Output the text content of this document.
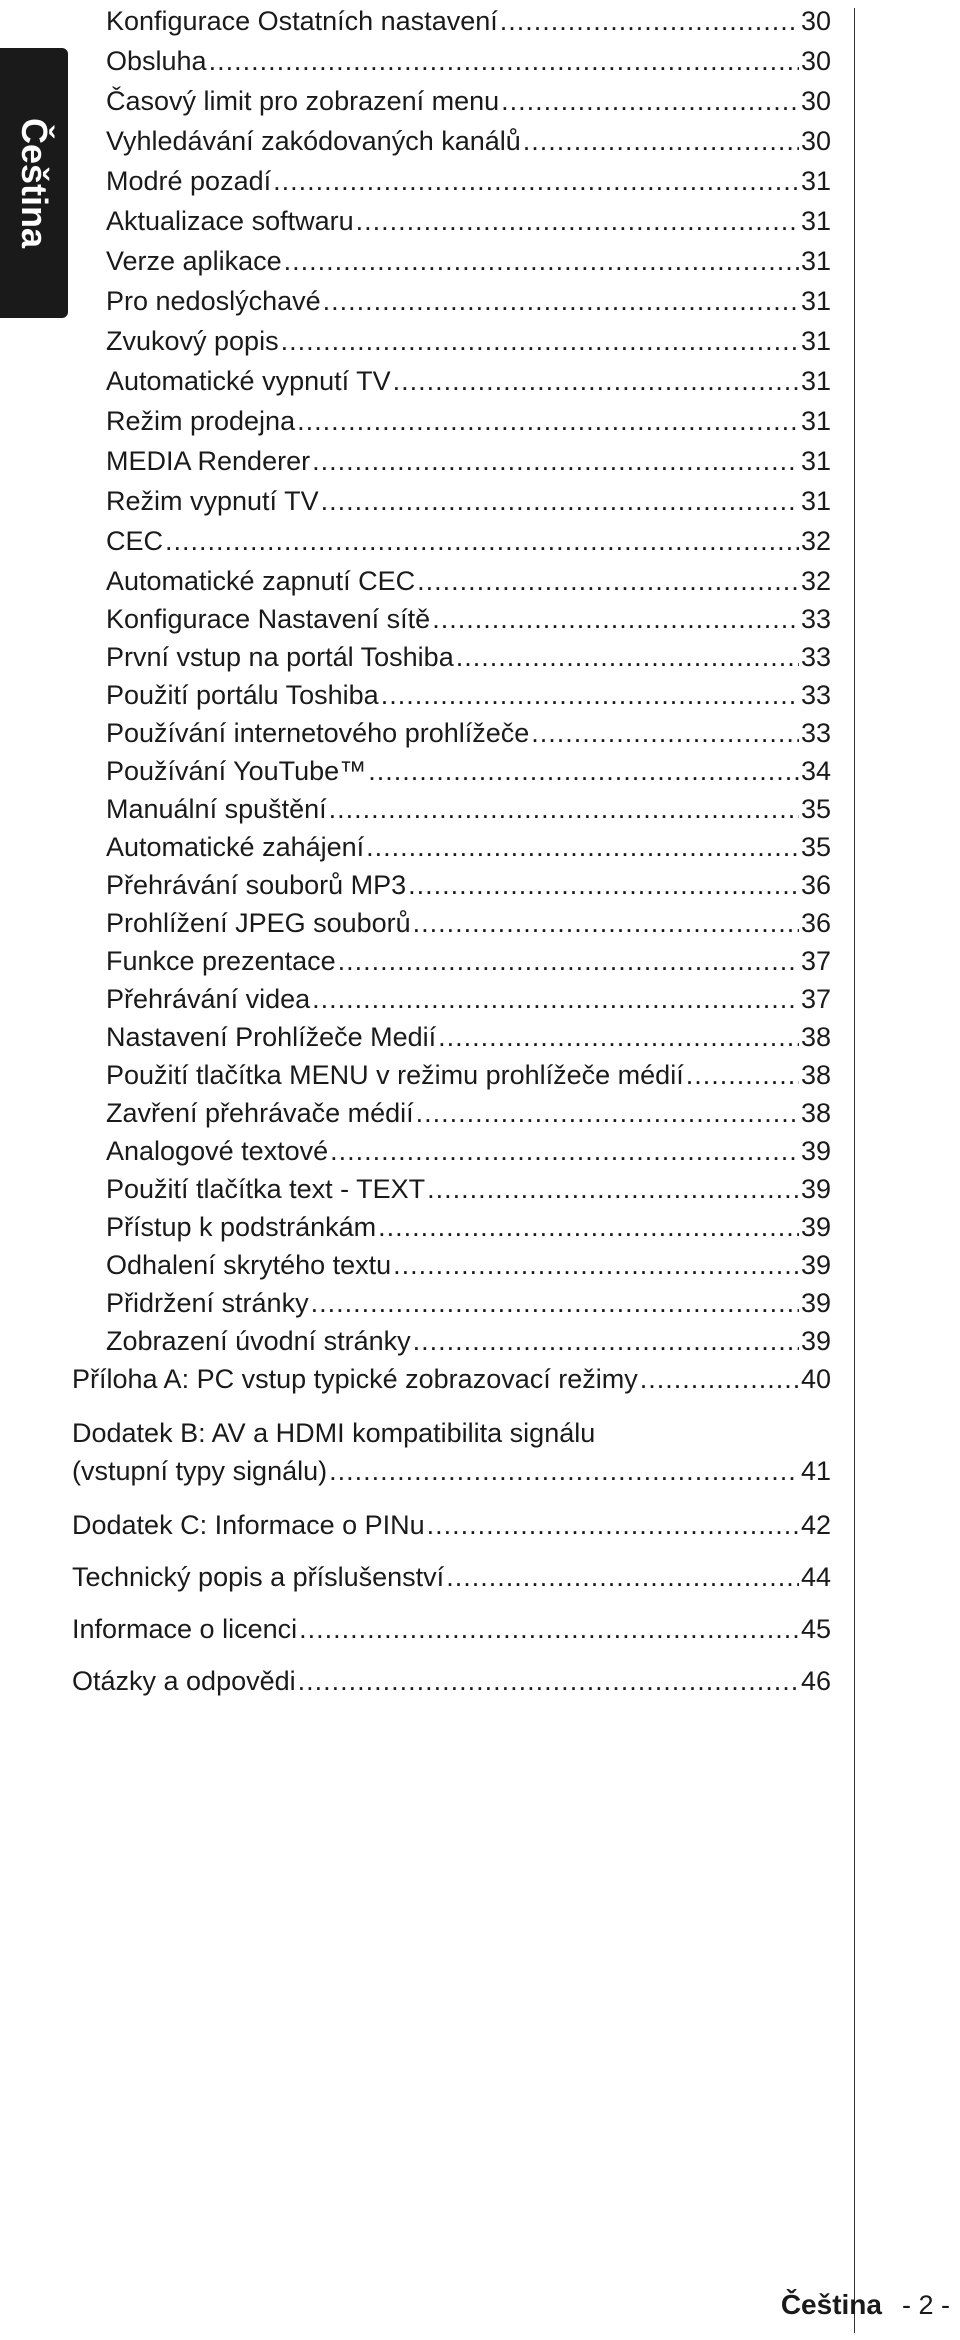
Čeština
Konfigurace Ostatních nastavení .....	30
Obsluha .....	30
Časový limit pro zobrazení menu .....	30
Vyhledávání zakódovaných kanálů .....	30
Modré pozadí .....	31
Aktualizace softwaru .....	31
Verze aplikace .....	31
Pro nedoslýchavé .....	31
Zvukový popis .....	31
Automatické vypnutí TV .....	31
Režim prodejna .....	31
MEDIA Renderer .....	31
Režim vypnutí TV .....	31
CEC .....	32
Automatické zapnutí CEC .....	32
Konfigurace Nastavení sítě .....	33
První vstup na portál Toshiba .....	33
Použití portálu Toshiba .....	33
Používání internetového prohlížeče .....	33
Používání YouTube™ .....	34
Manuální spuštění .....	35
Automatické zahájení .....	35
Přehrávání souborů MP3 .....	36
Prohlížení JPEG souborů .....	36
Funkce prezentace .....	37
Přehrávání videa .....	37
Nastavení Prohlížeče Medií .....	38
Použití tlačítka MENU v režimu prohlížeče médií .....	38
Zavření přehrávače médií .....	38
Analogové textové .....	39
Použití tlačítka text - TEXT .....	39
Přístup k podstránkám .....	39
Odhalení skrytého textu .....	39
Přidržení stránky .....	39
Zobrazení úvodní stránky .....	39
Příloha A: PC vstup typické zobrazovací režimy .....	40
Dodatek B: AV a HDMI kompatibilita signálu
(vstupní typy signálu) .....	41
Dodatek C: Informace o PINu .....	42
Technický popis a příslušenství .....	44
Informace o licenci .....	45
Otázky a odpovědi .....	46
Čeština - 2 -
